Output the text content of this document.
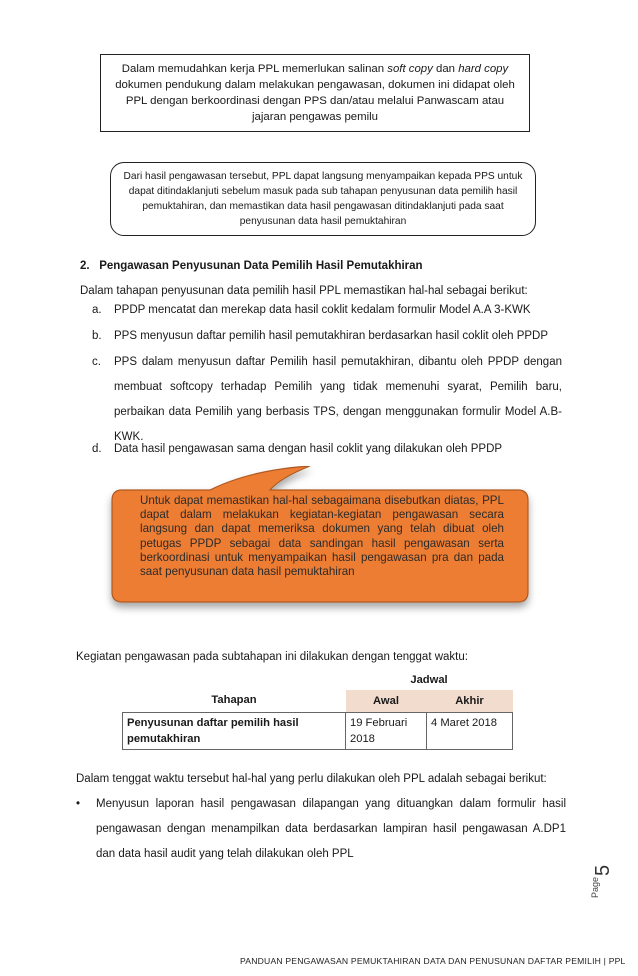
Dalam memudahkan kerja PPL memerlukan salinan soft copy dan hard copy dokumen pendukung dalam melakukan pengawasan, dokumen ini didapat oleh PPL dengan berkoordinasi dengan PPS dan/atau melalui Panwascam atau jajaran pengawas pemilu
Dari hasil pengawasan tersebut, PPL dapat langsung menyampaikan kepada PPS untuk dapat ditindaklanjuti sebelum masuk pada sub tahapan penyusunan data pemilih hasil pemuktahiran, dan memastikan data hasil pengawasan ditindaklanjuti pada saat penyusunan data hasil pemuktahiran
2. Pengawasan Penyusunan Data Pemilih Hasil Pemutakhiran
Dalam tahapan penyusunan data pemilih hasil PPL memastikan hal-hal sebagai berikut:
a. PPDP mencatat dan merekap data hasil coklit kedalam formulir Model A.A 3-KWK
b. PPS menyusun daftar pemilih hasil pemutakhiran berdasarkan hasil coklit oleh PPDP
c. PPS dalam menyusun daftar Pemilih hasil pemutakhiran, dibantu oleh PPDP dengan membuat softcopy terhadap Pemilih yang tidak memenuhi syarat, Pemilih baru, perbaikan data Pemilih yang berbasis TPS, dengan menggunakan formulir Model A.B-KWK.
d. Data hasil pengawasan sama dengan hasil coklit yang dilakukan oleh PPDP
Untuk dapat memastikan hal-hal sebagaimana disebutkan diatas, PPL dapat dalam melakukan kegiatan-kegiatan pengawasan secara langsung dan dapat memeriksa dokumen yang telah dibuat oleh petugas PPDP sebagai data sandingan hasil pengawasan serta berkoordinasi untuk menyampaikan hasil pengawasan pra dan pada saat penyusunan data hasil pemuktahiran
Kegiatan pengawasan pada subtahapan ini dilakukan dengan tenggat waktu:
Tahapan	Jadwal	
	Awal	Akhir
Penyusunan daftar pemilih hasil pemutakhiran	19 Februari 2018	4 Maret 2018
Dalam tenggat waktu tersebut hal-hal yang perlu dilakukan oleh PPL adalah sebagai berikut:
• Menyusun laporan hasil pengawasan dilapangan yang dituangkan dalam formulir hasil pengawasan dengan menampilkan data berdasarkan lampiran hasil pengawasan A.DP1 dan data hasil audit yang telah dilakukan oleh PPL
Page
5
PANDUAN PENGAWASAN PEMUKTAHIRAN DATA DAN PENUSUNAN DAFTAR PEMILIH | PPL
